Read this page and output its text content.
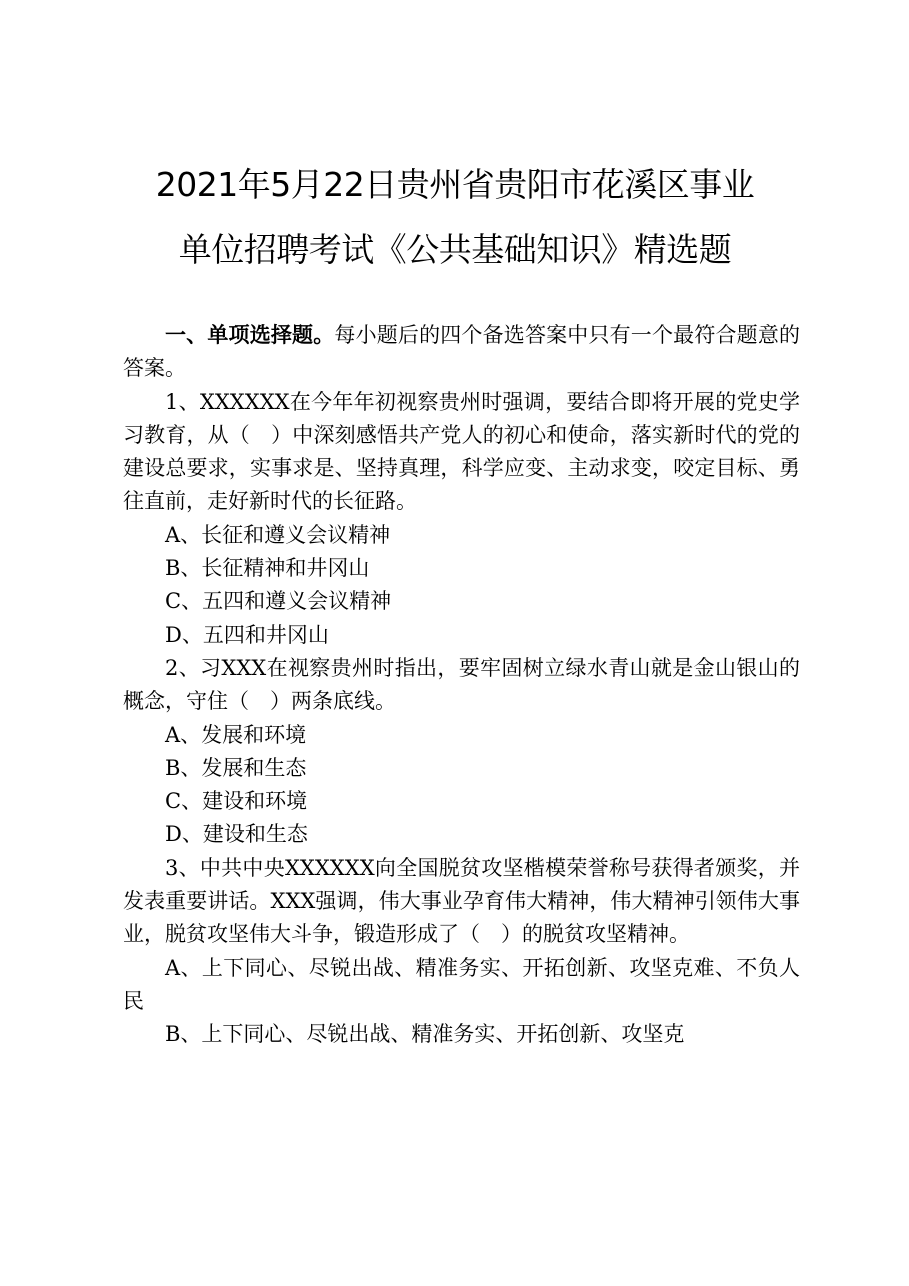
2021年5月22日贵州省贵阳市花溪区事业
单位招聘考试《公共基础知识》精选题

一、单项选择题。每小题后的四个备选答案中只有一个最符合题意的答案。

1、XXXXXX在今年年初视察贵州时强调，要结合即将开展的党史学习教育，从（　）中深刻感悟共产党人的初心和使命，落实新时代的党的建设总要求，实事求是、坚持真理，科学应变、主动求变，咬定目标、勇往直前，走好新时代的长征路。

A、长征和遵义会议精神

B、长征精神和井冈山

C、五四和遵义会议精神

D、五四和井冈山

2、习XXX在视察贵州时指出，要牢固树立绿水青山就是金山银山的概念，守住（　）两条底线。

A、发展和环境

B、发展和生态

C、建设和环境

D、建设和生态

3、中共中央XXXXXX向全国脱贫攻坚楷模荣誉称号获得者颁奖，并发表重要讲话。XXX强调，伟大事业孕育伟大精神，伟大精神引领伟大事业，脱贫攻坚伟大斗争，锻造形成了（　）的脱贫攻坚精神。

A、上下同心、尽锐出战、精准务实、开拓创新、攻坚克难、不负人民

B、上下同心、尽锐出战、精准务实、开拓创新、攻坚克
